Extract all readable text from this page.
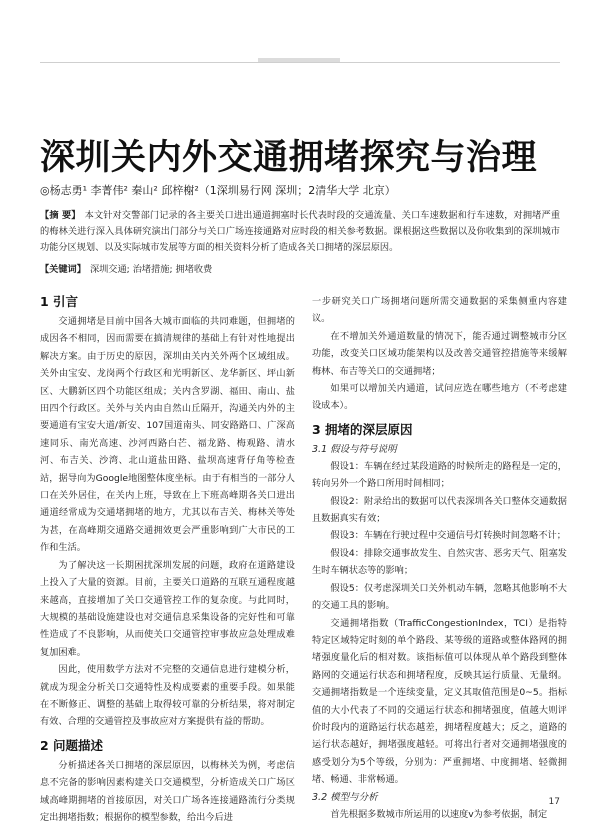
深圳关内外交通拥堵探究与治理
◎杨志勇¹ 李菁伟² 秦山² 邱梓榭²（1深圳易行网 深圳；2清华大学 北京）
【摘 要】 本文针对交警部门记录的各主要关口进出通道拥塞时长代表时段的交通流量、关口车速数据和行车速数，对拥堵严重的梅林关进行深入具体研究演出门部分与关口广场连接通路对应时段的相关参考数据。课根据这些数据以及你收集到的深圳城市功能分区规划、以及实际城市发展等方面的相关资料分析了造成各关口拥堵的深层原因。
【关键词】 深圳交通; 治堵措施; 拥堵收费
1 引言

交通拥堵是目前中国各大城市面临的共同难题，但拥堵的成因各不相同，因而需要在搞清规律的基础上有针对性地提出解决方案。由于历史的原因，深圳由关内关外两个区域组成。关外由宝安、龙岗两个行政区和光明新区、龙华新区、坪山新区、大鹏新区四个功能区组成；关内含罗湖、福田、南山、盐田四个行政区。关外与关内由自然山丘隔开，沟通关内外的主要通道有宝安大道/新安、107国道南头、同安路路口、广深高速同乐、南光高速、沙河西路白芒、福龙路、梅观路、清水河、布吉关、沙湾、北山道盐田路、盐坝高速背仔角等检查站，据导向为Google地图整体度坐标。由于有相当的一部分人口在关外居住，在关内上班，导致在上下班高峰期各关口进出通道经常成为交通堵拥堵的地方，尤其以布吉关、梅林关等处为甚，在高峰期交通路交通拥效更会严重影响到广大市民的工作和生活。

为了解决这一长期困扰深圳发展的问题，政府在道路建设上投入了大量的资源。目前，主要关口道路的互联互通程度越来越高，直接增加了关口交通管控工作的复杂度。与此同时，大规模的基础设施建设也对交通信息采集设备的完好性和可靠性造成了不良影响，从而使关口交通管控审事故应急处理成难复加困难。

因此，使用数学方法对不完整的交通信息进行建模分析，就成为现金分析关口交通特性及构成要素的重要手段。如果能在不断修正、调整的基础上取得较可靠的分析结果，将对制定有效、合理的交通管控及事故应对方案提供有益的帮助。

2 问题描述

分析描述各关口拥堵的深层原因，以梅林关为例，考虑信息不完备的影响因素构建关口交通模型，分析造成关口广场区域高峰期拥堵的首接原因，对关口广场各连接通路流行分类规定出拥堵指数；根据你的模型参数，给出今后进

一步研究关口广场拥堵问题所需交通数据的采集侧重内容建议。

在不增加关外通道数量的情况下，能否通过调整城市分区功能，改变关口区域功能架构以及改善交通管控措施等来缓解梅林、布吉等关口的交通拥堵；

如果可以增加关内通道，试问应选在哪些地方（不考虑建设成本）。

3 拥堵的深层原因
3.1 假设与符号说明

假设1：车辆在经过某段道路的时候所走的路程是一定的，转向另外一个路口所用时间相同；

假设2：附录给出的数据可以代表深圳各关口整体交通数据且数据真实有效；

假设3：车辆在行驶过程中交通信号灯转换时间忽略不计；

假设4：排除交通事故发生、自然灾害、恶劣天气、阻塞发生时车辆状态等的影响；

假设5：仅考虑深圳关口关外机动车辆，忽略其他影响不大的交通工具的影响。

交通拥堵指数（TrafficCongestionIndex，TCI）是指特特定区域特定时刻的单个路段、某等级的道路或整体路网的拥堵强度量化后的相对数。该指标值可以体现从单个路段到整体路网的交通运行状态和拥堵程度，反映其运行质量、无量纲。交通拥堵指数是一个连续变量，定义其取值范围是0~5。指标值的大小代表了不同的交通运行状态和拥堵强度，值越大则评价时段内的道路运行状态越差，拥堵程度越大；反之，道路的运行状态越好，拥堵强度越轻。可将出行者对交通拥堵强度的感受划分为5个等级，分别为：严重拥堵、中度拥堵、轻微拥堵、畅通、非常畅通。

3.2 模型与分析

首先根据多数城市所运用的以速度v为参考依据，制定

17
